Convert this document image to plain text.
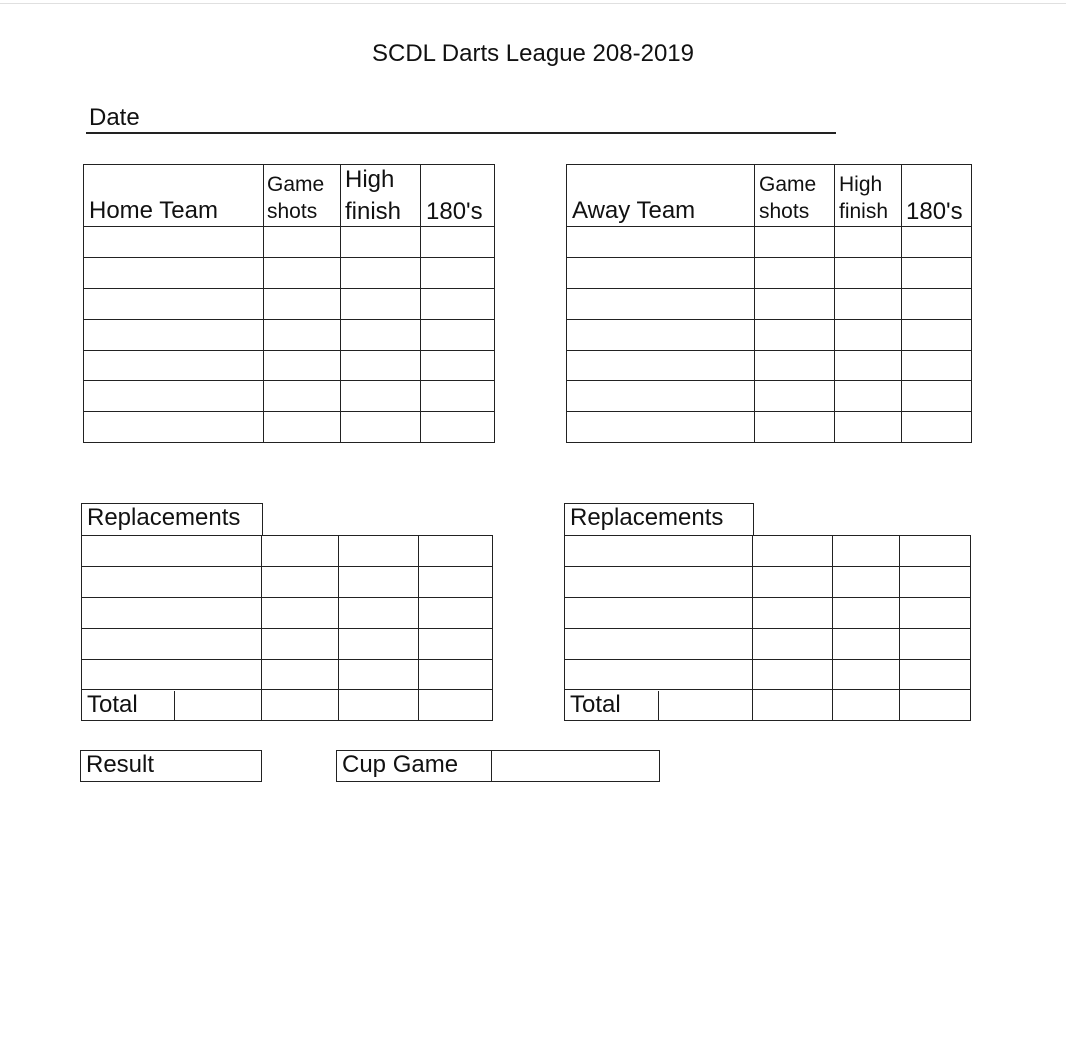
SCDL Darts League 208-2019
Date
Home Team
Game
shots
High
finish 180's	Away Team
Game
shots
High
finish 180's
Replacements
Total
Replacements
Total
Result	Cup Game
